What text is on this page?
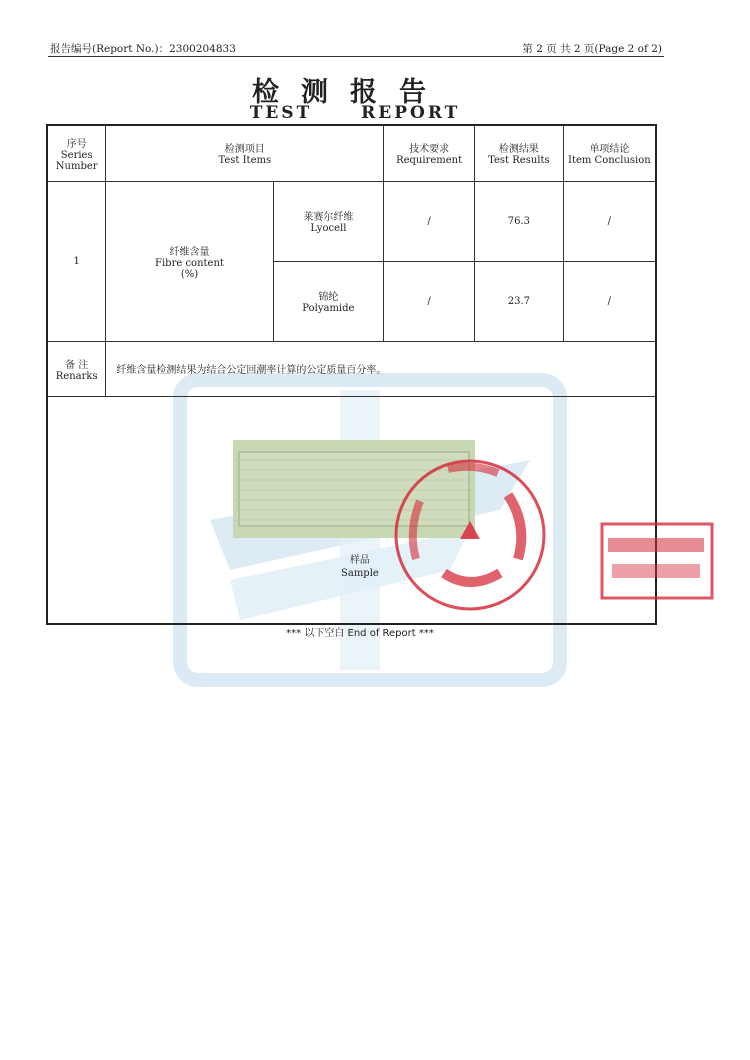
报告编号(Report No.)：2300204833	第 2 页 共 2 页(Page 2 of 2)
检测报告
TEST REPORT
序号
Series
Number	检测项目
Test Items		技术要求
Requirement	检测结果
Test Results	单项结论
Item Conclusion

1	纤维含量
Fibre content
(%)	莱赛尔纤维
Lyocell	/	76.3	/

		锦纶
Polyamide	/	23.7	/

备 注
Renarks	纤维含量检测结果为结合公定回潮率计算的公定质量百分率。				

样品
Sample					
*** 以下空白 End of Report ***
